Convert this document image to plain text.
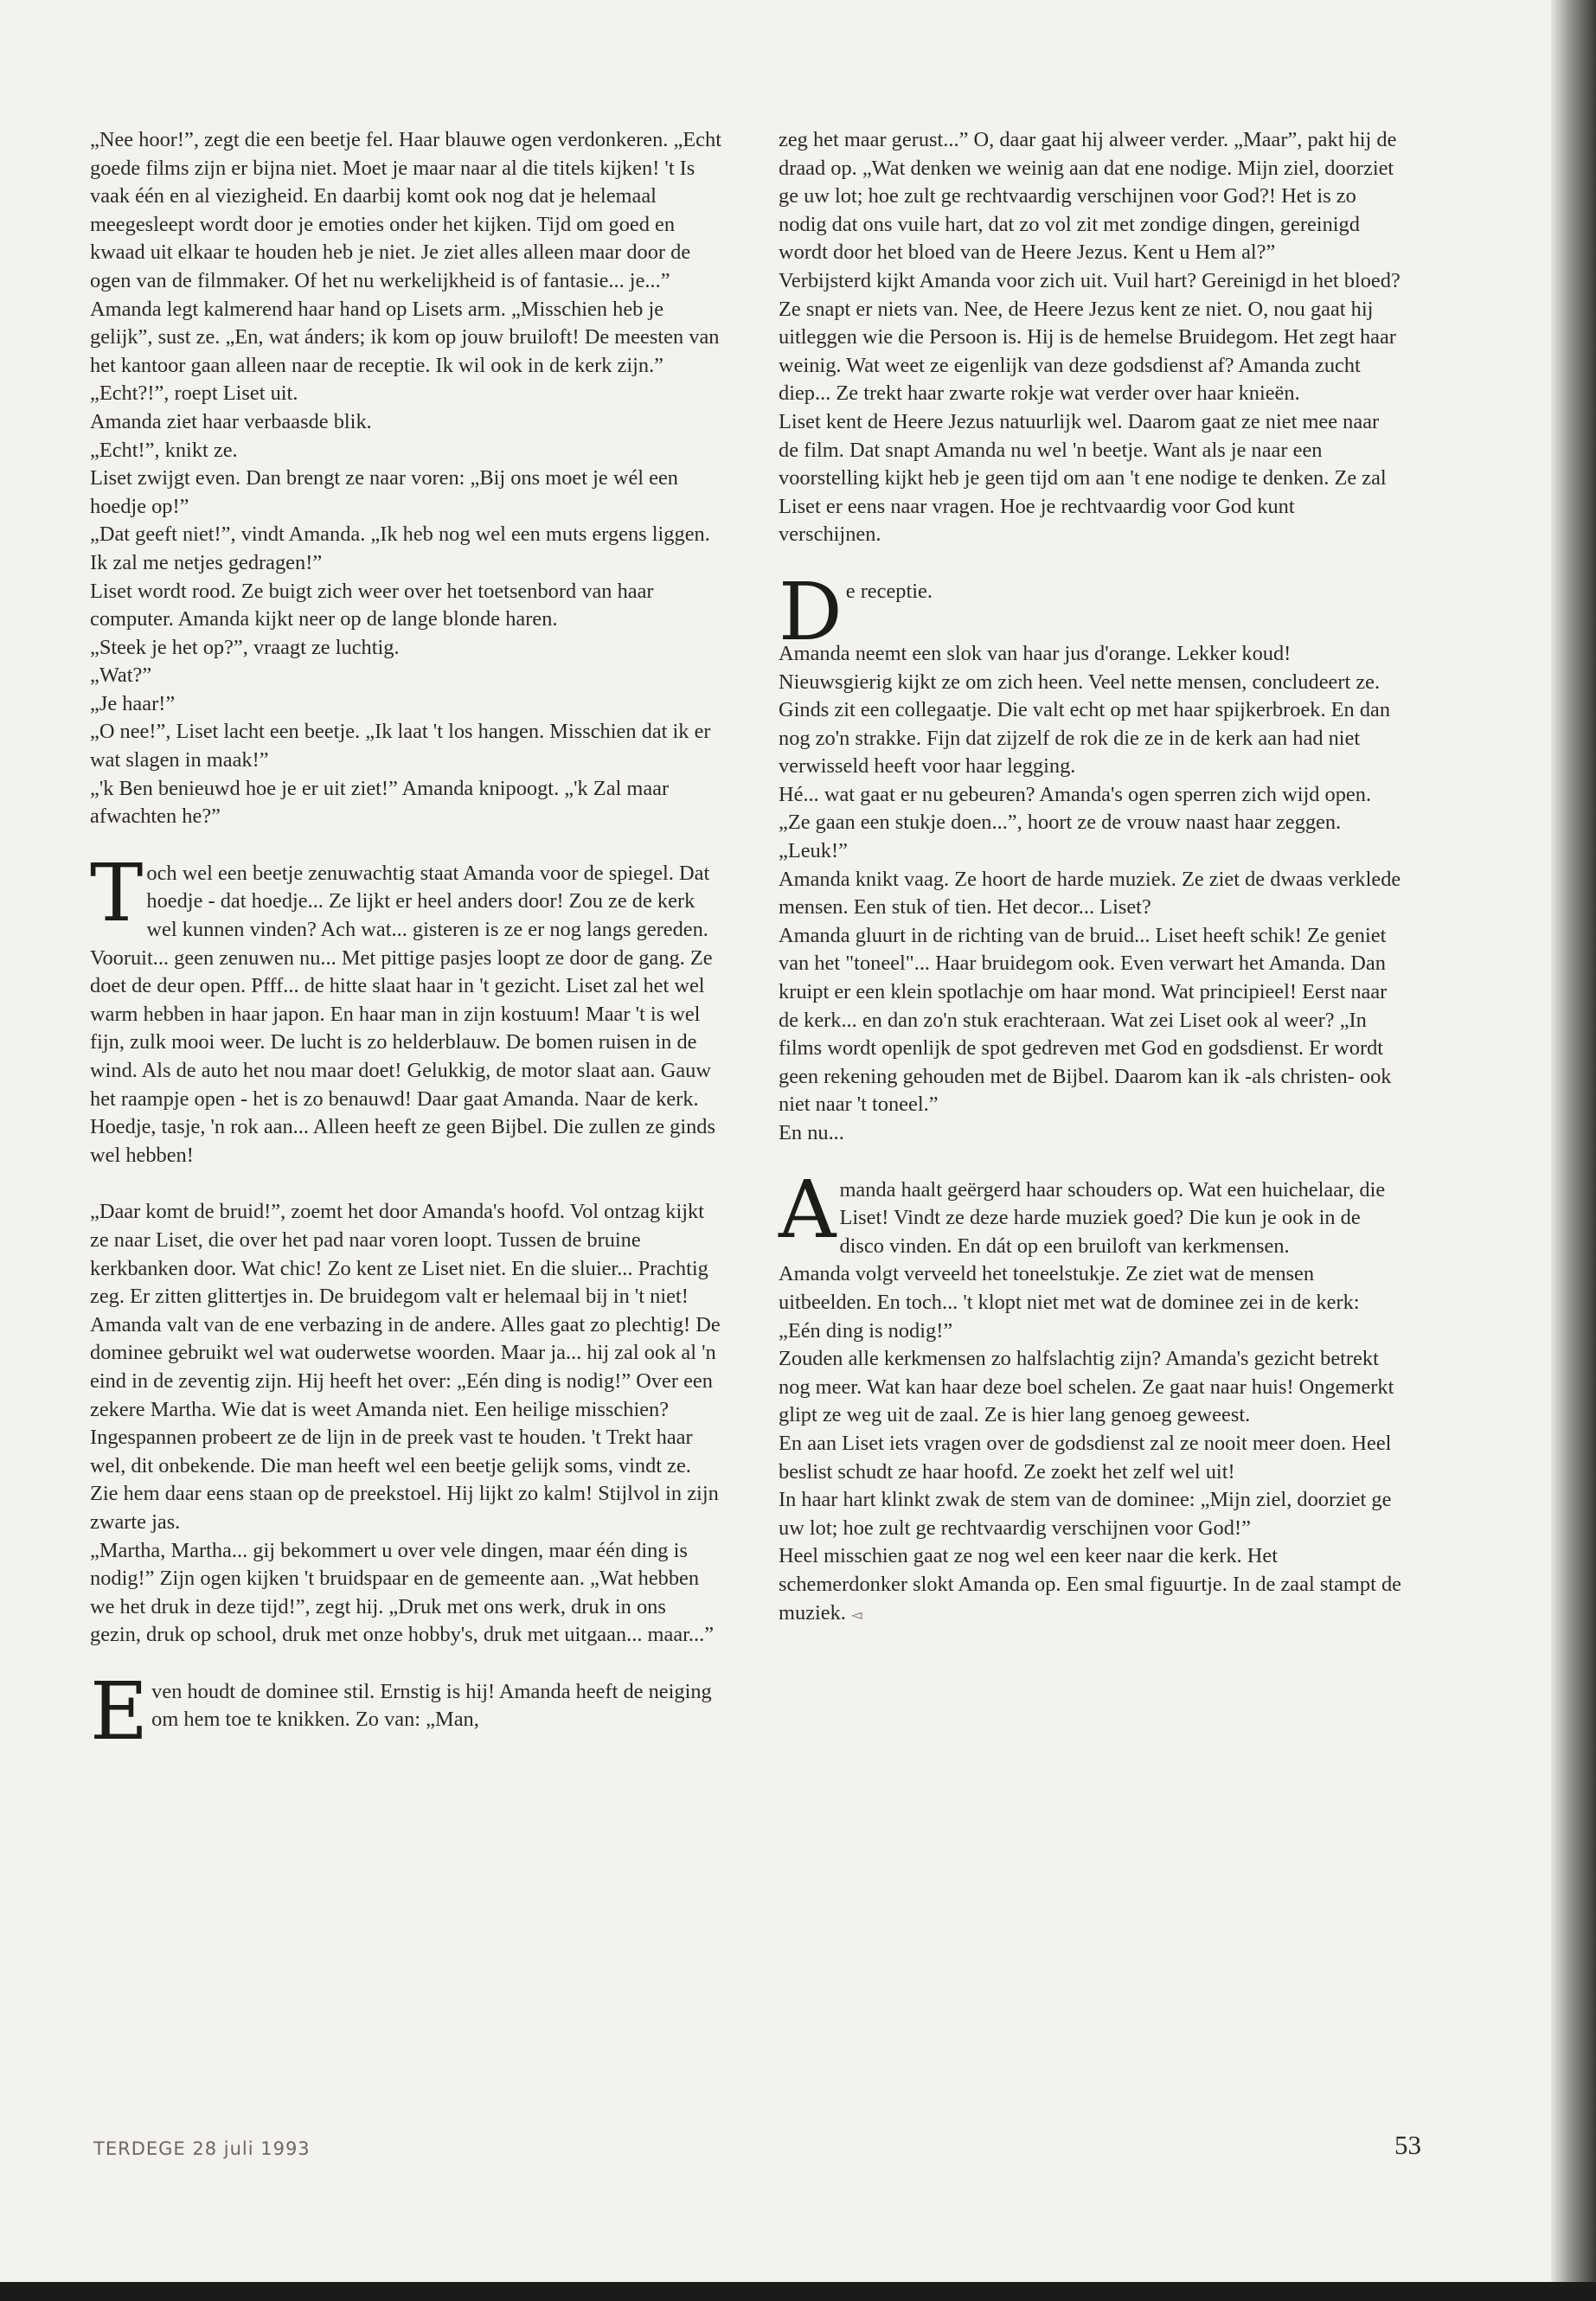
„Nee hoor!”, zegt die een beetje fel. Haar blauwe ogen verdonkeren. „Echt goede films zijn er bijna niet. Moet je maar naar al die titels kijken! 't Is vaak één en al viezigheid. En daarbij komt ook nog dat je helemaal meegesleept wordt door je emoties onder het kijken. Tijd om goed en kwaad uit elkaar te houden heb je niet. Je ziet alles alleen maar door de ogen van de filmmaker. Of het nu werkelijkheid is of fantasie... je...”

Amanda legt kalmerend haar hand op Lisets arm. „Misschien heb je gelijk”, sust ze. „En, wat ánders; ik kom op jouw bruiloft! De meesten van het kantoor gaan alleen naar de receptie. Ik wil ook in de kerk zijn.”

„Echt?!”, roept Liset uit.

Amanda ziet haar verbaasde blik.

„Echt!”, knikt ze.

Liset zwijgt even. Dan brengt ze naar voren: „Bij ons moet je wél een hoedje op!”

„Dat geeft niet!”, vindt Amanda. „Ik heb nog wel een muts ergens liggen. Ik zal me netjes gedragen!”

Liset wordt rood. Ze buigt zich weer over het toetsenbord van haar computer. Amanda kijkt neer op de lange blonde haren.

„Steek je het op?”, vraagt ze luchtig.

„Wat?”

„Je haar!”

„O nee!”, Liset lacht een beetje. „Ik laat 't los hangen. Misschien dat ik er wat slagen in maak!”

„'k Ben benieuwd hoe je er uit ziet!” Amanda knipoogt. „'k Zal maar afwachten he?”

Toch wel een beetje zenuwachtig staat Amanda voor de spiegel. Dat hoedje - dat hoedje... Ze lijkt er heel anders door! Zou ze de kerk wel kunnen vinden? Ach wat... gisteren is ze er nog langs gereden. Vooruit... geen zenuwen nu... Met pittige pasjes loopt ze door de gang. Ze doet de deur open. Pfff... de hitte slaat haar in 't gezicht. Liset zal het wel warm hebben in haar japon. En haar man in zijn kostuum! Maar 't is wel fijn, zulk mooi weer. De lucht is zo helderblauw. De bomen ruisen in de wind. Als de auto het nou maar doet! Gelukkig, de motor slaat aan. Gauw het raampje open - het is zo benauwd! Daar gaat Amanda. Naar de kerk. Hoedje, tasje, 'n rok aan... Alleen heeft ze geen Bijbel. Die zullen ze ginds wel hebben!

„Daar komt de bruid!”, zoemt het door Amanda's hoofd. Vol ontzag kijkt ze naar Liset, die over het pad naar voren loopt. Tussen de bruine kerkbanken door. Wat chic! Zo kent ze Liset niet. En die sluier... Prachtig zeg. Er zitten glittertjes in. De bruidegom valt er helemaal bij in 't niet! Amanda valt van de ene verbazing in de andere. Alles gaat zo plechtig! De dominee gebruikt wel wat ouderwetse woorden. Maar ja... hij zal ook al 'n eind in de zeventig zijn. Hij heeft het over: „Eén ding is nodig!” Over een zekere Martha. Wie dat is weet Amanda niet. Een heilige misschien? Ingespannen probeert ze de lijn in de preek vast te houden. 't Trekt haar wel, dit onbekende. Die man heeft wel een beetje gelijk soms, vindt ze. Zie hem daar eens staan op de preekstoel. Hij lijkt zo kalm! Stijlvol in zijn zwarte jas.

„Martha, Martha... gij bekommert u over vele dingen, maar één ding is nodig!” Zijn ogen kijken 't bruidspaar en de gemeente aan. „Wat hebben we het druk in deze tijd!”, zegt hij. „Druk met ons werk, druk in ons gezin, druk op school, druk met onze hobby's, druk met uitgaan... maar...”

Even houdt de dominee stil. Ernstig is hij! Amanda heeft de neiging om hem toe te knikken. Zo van: „Man,

zeg het maar gerust...” O, daar gaat hij alweer verder. „Maar”, pakt hij de draad op. „Wat denken we weinig aan dat ene nodige. Mijn ziel, doorziet ge uw lot; hoe zult ge rechtvaardig verschijnen voor God?! Het is zo nodig dat ons vuile hart, dat zo vol zit met zondige dingen, gereinigd wordt door het bloed van de Heere Jezus. Kent u Hem al?”

Verbijsterd kijkt Amanda voor zich uit. Vuil hart? Gereinigd in het bloed? Ze snapt er niets van. Nee, de Heere Jezus kent ze niet. O, nou gaat hij uitleggen wie die Persoon is. Hij is de hemelse Bruidegom. Het zegt haar weinig. Wat weet ze eigenlijk van deze godsdienst af? Amanda zucht diep... Ze trekt haar zwarte rokje wat verder over haar knieën.

Liset kent de Heere Jezus natuurlijk wel. Daarom gaat ze niet mee naar de film. Dat snapt Amanda nu wel 'n beetje. Want als je naar een voorstelling kijkt heb je geen tijd om aan 't ene nodige te denken. Ze zal Liset er eens naar vragen. Hoe je rechtvaardig voor God kunt verschijnen.

De receptie.

Amanda neemt een slok van haar jus d'orange. Lekker koud! Nieuwsgierig kijkt ze om zich heen. Veel nette mensen, concludeert ze. Ginds zit een collegaatje. Die valt echt op met haar spijkerbroek. En dan nog zo'n strakke. Fijn dat zijzelf de rok die ze in de kerk aan had niet verwisseld heeft voor haar legging.

Hé... wat gaat er nu gebeuren? Amanda's ogen sperren zich wijd open. „Ze gaan een stukje doen...”, hoort ze de vrouw naast haar zeggen. „Leuk!”

Amanda knikt vaag. Ze hoort de harde muziek. Ze ziet de dwaas verklede mensen. Een stuk of tien. Het decor... Liset?

Amanda gluurt in de richting van de bruid... Liset heeft schik! Ze geniet van het "toneel"... Haar bruidegom ook. Even verwart het Amanda. Dan kruipt er een klein spotlachje om haar mond. Wat principieel! Eerst naar de kerk... en dan zo'n stuk erachteraan. Wat zei Liset ook al weer? „In films wordt openlijk de spot gedreven met God en godsdienst. Er wordt geen rekening gehouden met de Bijbel. Daarom kan ik -als christen- ook niet naar 't toneel.”

En nu...

Amanda haalt geërgerd haar schouders op. Wat een huichelaar, die Liset! Vindt ze deze harde muziek goed? Die kun je ook in de disco vinden. En dát op een bruiloft van kerkmensen.

Amanda volgt verveeld het toneelstukje. Ze ziet wat de mensen uitbeelden. En toch... 't klopt niet met wat de dominee zei in de kerk: „Eén ding is nodig!”

Zouden alle kerkmensen zo halfslachtig zijn? Amanda's gezicht betrekt nog meer. Wat kan haar deze boel schelen. Ze gaat naar huis! Ongemerkt glipt ze weg uit de zaal. Ze is hier lang genoeg geweest.

En aan Liset iets vragen over de godsdienst zal ze nooit meer doen. Heel beslist schudt ze haar hoofd. Ze zoekt het zelf wel uit!

In haar hart klinkt zwak de stem van de dominee: „Mijn ziel, doorziet ge uw lot; hoe zult ge rechtvaardig verschijnen voor God!”

Heel misschien gaat ze nog wel een keer naar die kerk. Het schemerdonker slokt Amanda op. Een smal figuurtje. In de zaal stampt de muziek. ◅

TERDEGE 28 juli 1993	53
